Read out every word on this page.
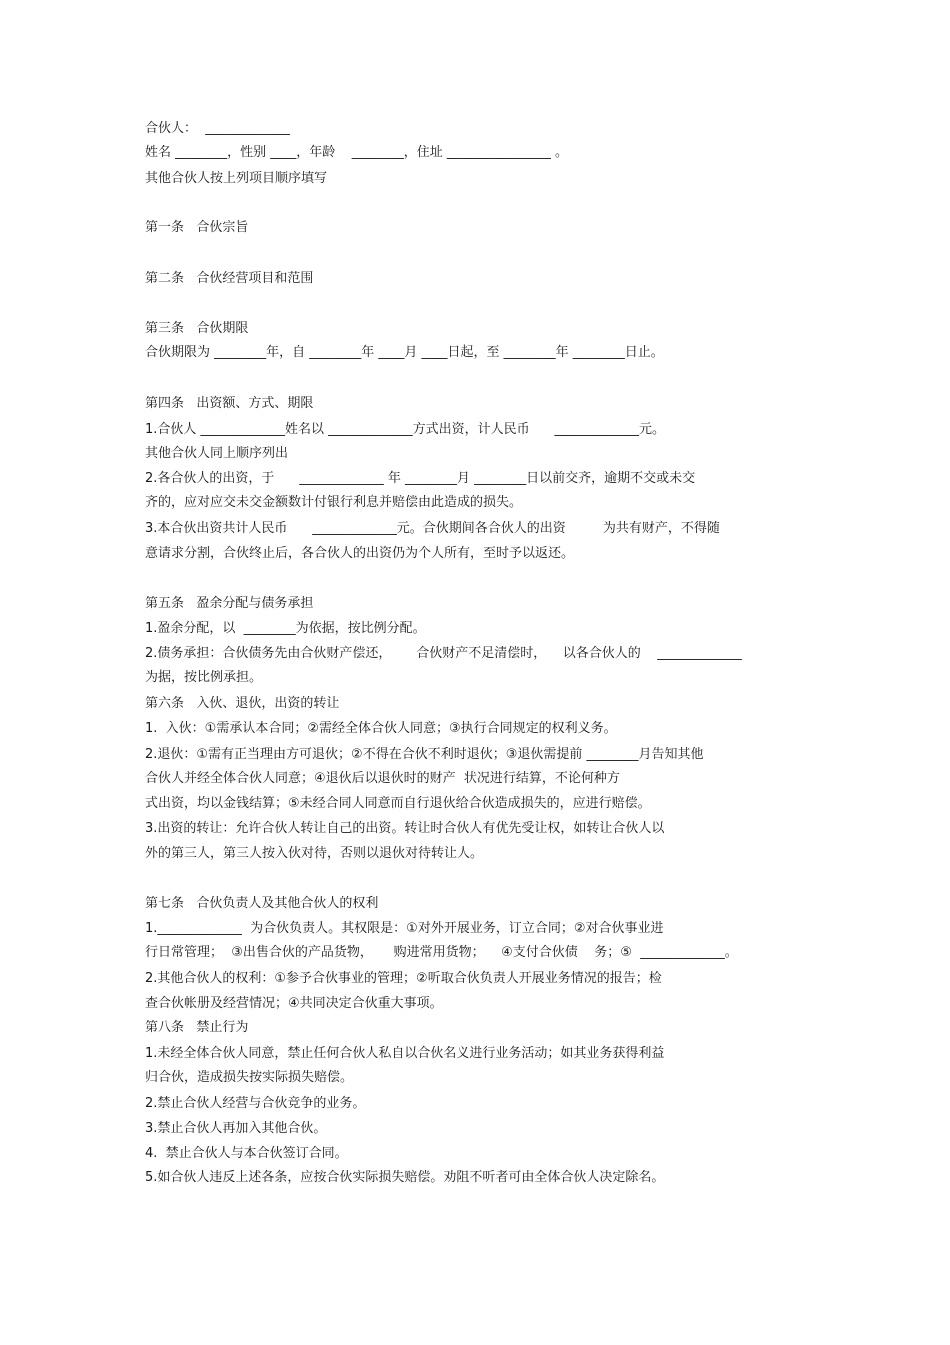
合伙人：  _____________
姓名 ________，性别 ____，年龄    ________，住址 ________________ 。
其他合伙人按上列项目顺序填写
第一条   合伙宗旨
第二条   合伙经营项目和范围
第三条   合伙期限
合伙期限为 ________年，自 ________年 ____月 ____日起，至 ________年 ________日止。
第四条   出资额、方式、期限
1.合伙人 _____________姓名以 _____________方式出资，计人民币      _____________元。
其他合伙人同上顺序列出
2.各合伙人的出资，于      _____________ 年 ________月 ________日以前交齐，逾期不交或未交
齐的，应对应交未交金额数计付银行利息并赔偿由此造成的损失。
3.本合伙出资共计人民币      _____________元。合伙期间各合伙人的出资         为共有财产，不得随
意请求分割，合伙终止后，各合伙人的出资仍为个人所有，至时予以返还。
第五条   盈余分配与债务承担
1.盈余分配，以  ________为依据，按比例分配。
2.债务承担：合伙债务先由合伙财产偿还，      合伙财产不足清偿时，    以各合伙人的    _____________
为据，按比例承担。
第六条   入伙、退伙，出资的转让
1.  入伙：①需承认本合同；②需经全体合伙人同意；③执行合同规定的权利义务。
2.退伙：①需有正当理由方可退伙；②不得在合伙不利时退伙；③退伙需提前 ________月告知其他
合伙人并经全体合伙人同意；④退伙后以退伙时的财产  状况进行结算，不论何种方
式出资，均以金钱结算；⑤未经合同人同意而自行退伙给合伙造成损失的，应进行赔偿。
3.出资的转让：允许合伙人转让自己的出资。转让时合伙人有优先受让权，如转让合伙人以
外的第三人，第三人按入伙对待，否则以退伙对待转让人。
第七条   合伙负责人及其他合伙人的权利
1._____________  为合伙负责人。其权限是：①对外开展业务，订立合同；②对合伙事业进
行日常管理；  ③出售合伙的产品货物，     购进常用货物；    ④支付合伙债    务；⑤  _____________。
2.其他合伙人的权利：①参予合伙事业的管理；②听取合伙负责人开展业务情况的报告；检
查合伙帐册及经营情况；④共同决定合伙重大事项。
第八条   禁止行为
1.未经全体合伙人同意，禁止任何合伙人私自以合伙名义进行业务活动；如其业务获得利益
归合伙，造成损失按实际损失赔偿。
2.禁止合伙人经营与合伙竞争的业务。
3.禁止合伙人再加入其他合伙。
4.  禁止合伙人与本合伙签订合同。
5.如合伙人违反上述各条，应按合伙实际损失赔偿。劝阻不听者可由全体合伙人决定除名。
